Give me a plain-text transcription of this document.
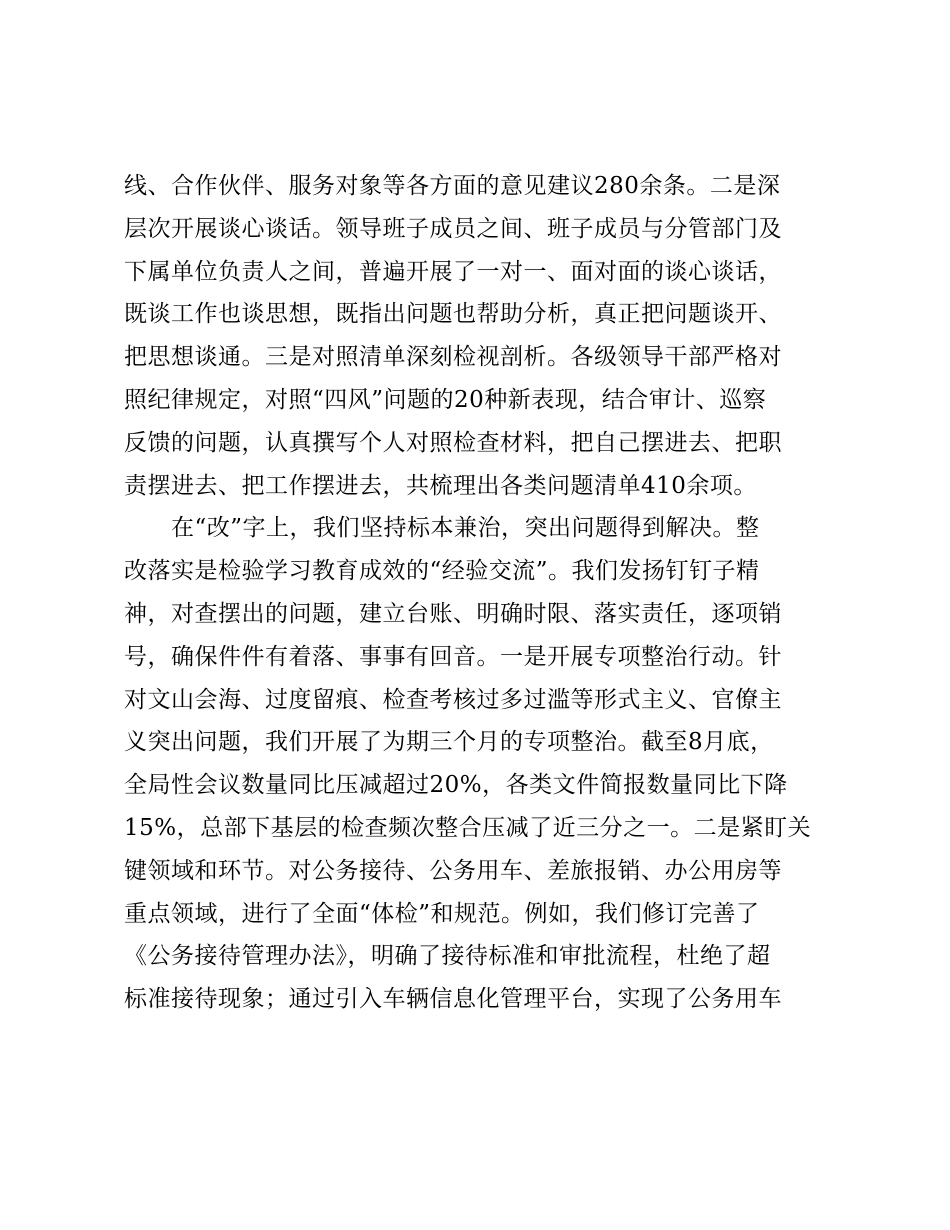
线、合作伙伴、服务对象等各方面的意见建议280余条。二是深
层次开展谈心谈话。领导班子成员之间、班子成员与分管部门及
下属单位负责人之间，普遍开展了一对一、面对面的谈心谈话，
既谈工作也谈思想，既指出问题也帮助分析，真正把问题谈开、
把思想谈通。三是对照清单深刻检视剖析。各级领导干部严格对
照纪律规定，对照“四风”问题的20种新表现，结合审计、巡察
反馈的问题，认真撰写个人对照检查材料，把自己摆进去、把职
责摆进去、把工作摆进去，共梳理出各类问题清单410余项。
　　在“改”字上，我们坚持标本兼治，突出问题得到解决。整
改落实是检验学习教育成效的“经验交流”。我们发扬钉钉子精
神，对查摆出的问题，建立台账、明确时限、落实责任，逐项销
号，确保件件有着落、事事有回音。一是开展专项整治行动。针
对文山会海、过度留痕、检查考核过多过滥等形式主义、官僚主
义突出问题，我们开展了为期三个月的专项整治。截至8月底，
全局性会议数量同比压减超过20%，各类文件简报数量同比下降
15%，总部下基层的检查频次整合压减了近三分之一。二是紧盯关
键领域和环节。对公务接待、公务用车、差旅报销、办公用房等
重点领域，进行了全面“体检”和规范。例如，我们修订完善了
《公务接待管理办法》，明确了接待标准和审批流程，杜绝了超
标准接待现象；通过引入车辆信息化管理平台，实现了公务用车
